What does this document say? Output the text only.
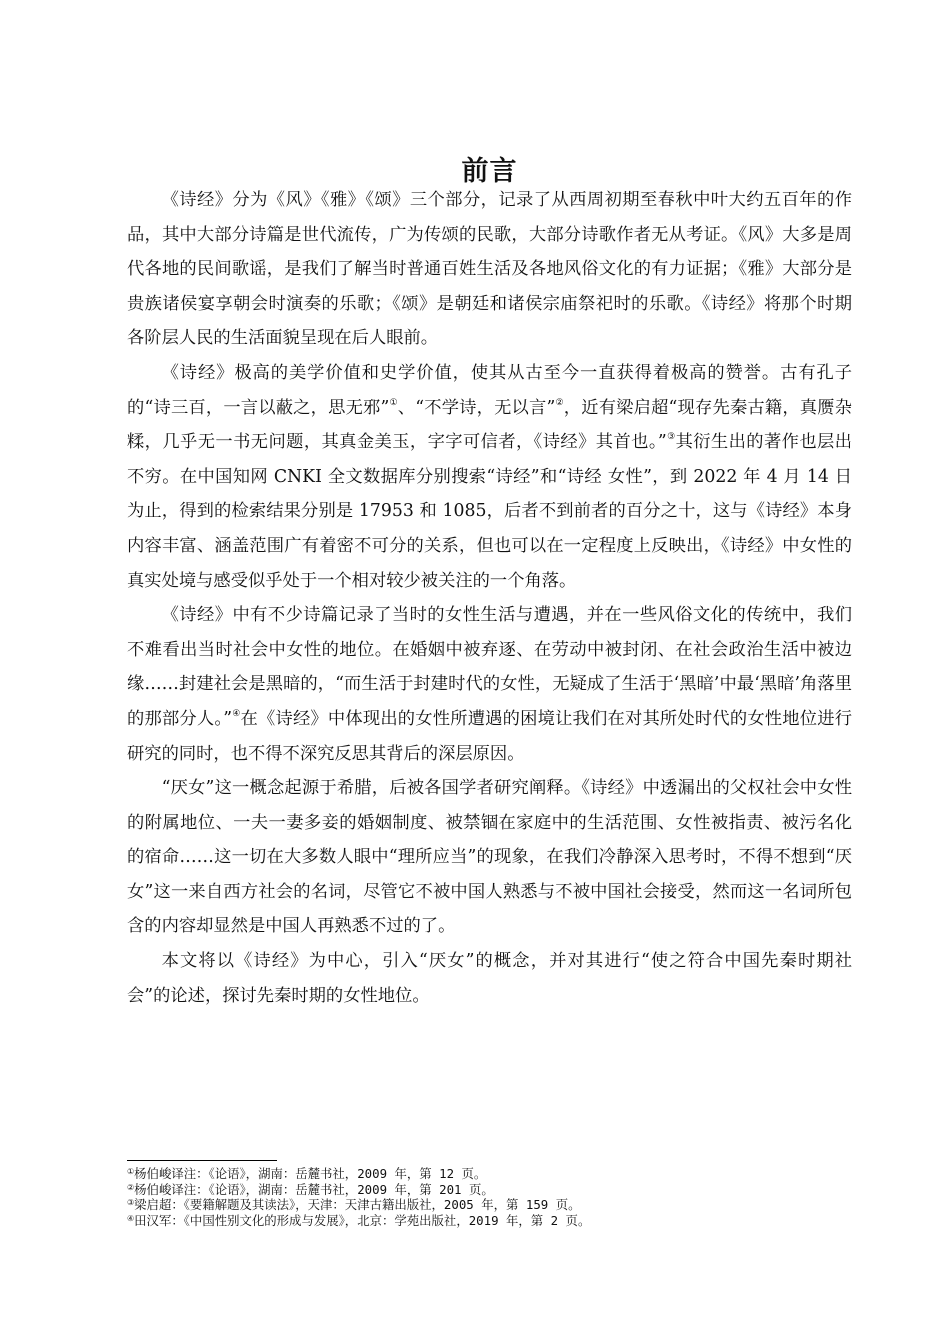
前言

《诗经》分为《风》《雅》《颂》三个部分，记录了从西周初期至春秋中叶大约五百年的作品，其中大部分诗篇是世代流传，广为传颂的民歌，大部分诗歌作者无从考证。《风》大多是周代各地的民间歌谣，是我们了解当时普通百姓生活及各地风俗文化的有力证据；《雅》大部分是贵族诸侯宴享朝会时演奏的乐歌；《颂》是朝廷和诸侯宗庙祭祀时的乐歌。《诗经》将那个时期各阶层人民的生活面貌呈现在后人眼前。

《诗经》极高的美学价值和史学价值，使其从古至今一直获得着极高的赞誉。古有孔子的“诗三百，一言以蔽之，思无邪”①、“不学诗，无以言”②，近有梁启超“现存先秦古籍，真赝杂糅，几乎无一书无问题，其真金美玉，字字可信者，《诗经》其首也。”③其衍生出的著作也层出不穷。在中国知网 CNKI 全文数据库分别搜索“诗经”和“诗经 女性”，到 2022 年 4 月 14 日为止，得到的检索结果分别是 17953 和 1085，后者不到前者的百分之十，这与《诗经》本身内容丰富、涵盖范围广有着密不可分的关系，但也可以在一定程度上反映出，《诗经》中女性的真实处境与感受似乎处于一个相对较少被关注的一个角落。

《诗经》中有不少诗篇记录了当时的女性生活与遭遇，并在一些风俗文化的传统中，我们不难看出当时社会中女性的地位。在婚姻中被弃逐、在劳动中被封闭、在社会政治生活中被边缘……封建社会是黑暗的，“而生活于封建时代的女性，无疑成了生活于‘黑暗’中最‘黑暗’角落里的那部分人。”④在《诗经》中体现出的女性所遭遇的困境让我们在对其所处时代的女性地位进行研究的同时，也不得不深究反思其背后的深层原因。

“厌女”这一概念起源于希腊，后被各国学者研究阐释。《诗经》中透漏出的父权社会中女性的附属地位、一夫一妻多妾的婚姻制度、被禁锢在家庭中的生活范围、女性被指责、被污名化的宿命……这一切在大多数人眼中“理所应当”的现象，在我们冷静深入思考时，不得不想到“厌女”这一来自西方社会的名词，尽管它不被中国人熟悉与不被中国社会接受，然而这一名词所包含的内容却显然是中国人再熟悉不过的了。

本文将以《诗经》为中心，引入“厌女”的概念，并对其进行“使之符合中国先秦时期社会”的论述，探讨先秦时期的女性地位。

①杨伯峻译注：《论语》，湖南：岳麓书社，2009 年，第 12 页。
②杨伯峻译注：《论语》，湖南：岳麓书社，2009 年，第 201 页。
③梁启超：《要籍解题及其读法》，天津：天津古籍出版社，2005 年，第 159 页。
④田汉军：《中国性别文化的形成与发展》，北京：学苑出版社，2019 年，第 2 页。
